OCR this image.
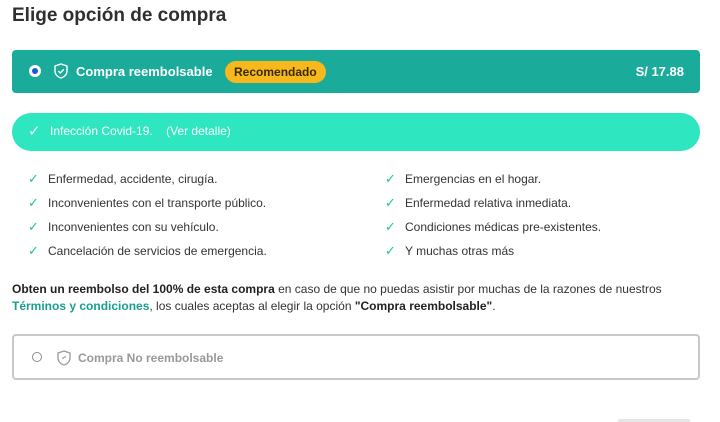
Elige opción de compra
Compra reembolsable	Recomendado	S/ 17.88
✓ Infección Covid-19. (Ver detalle)
✓ Enfermedad, accidente, cirugía.	✓ Emergencias en el hogar.
✓ Inconvenientes con el transporte público.	✓ Enfermedad relativa inmediata.
✓ Inconvenientes con su vehículo.	✓ Condiciones médicas pre-existentes.
✓ Cancelación de servicios de emergencia.	✓ Y muchas otras más
Obten un reembolso del 100% de esta compra en caso de que no puedas asistir por muchas de la razones de nuestros
Términos y condiciones, los cuales aceptas al elegir la opción "Compra reembolsable".
Compra No reembolsable
